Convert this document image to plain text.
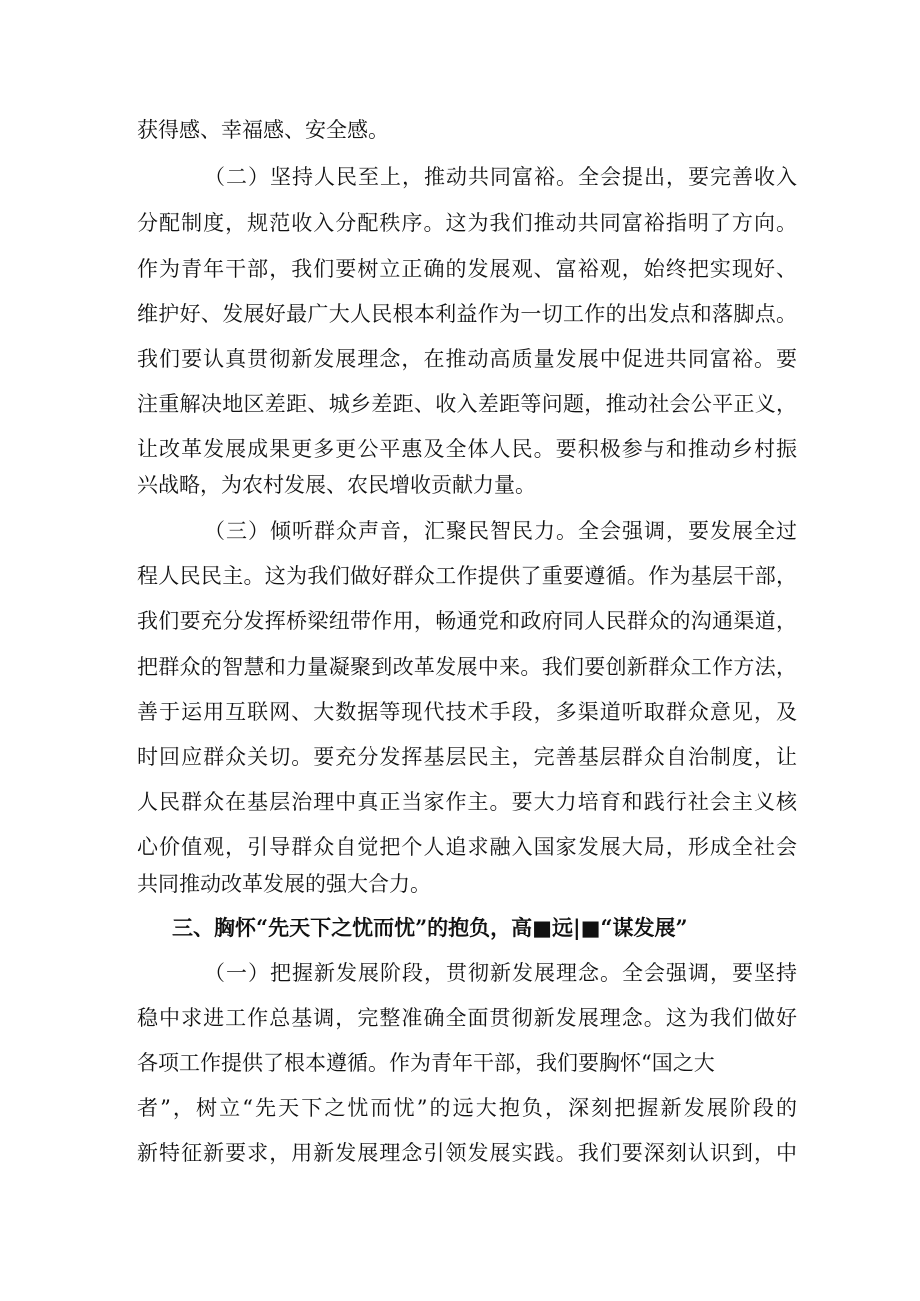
获得感、幸福感、安全感。
（二）坚持人民至上，推动共同富裕。全会提出，要完善收入
分配制度，规范收入分配秩序。这为我们推动共同富裕指明了方向。
作为青年干部，我们要树立正确的发展观、富裕观，始终把实现好、
维护好、发展好最广大人民根本利益作为一切工作的出发点和落脚点。
我们要认真贯彻新发展理念，在推动高质量发展中促进共同富裕。要
注重解决地区差距、城乡差距、收入差距等问题，推动社会公平正义，
让改革发展成果更多更公平惠及全体人民。要积极参与和推动乡村振
兴战略，为农村发展、农民增收贡献力量。
（三）倾听群众声音，汇聚民智民力。全会强调，要发展全过
程人民民主。这为我们做好群众工作提供了重要遵循。作为基层干部，
我们要充分发挥桥梁纽带作用，畅通党和政府同人民群众的沟通渠道，
把群众的智慧和力量凝聚到改革发展中来。我们要创新群众工作方法，
善于运用互联网、大数据等现代技术手段，多渠道听取群众意见，及
时回应群众关切。要充分发挥基层民主，完善基层群众自治制度，让
人民群众在基层治理中真正当家作主。要大力培育和践行社会主义核
心价值观，引导群众自觉把个人追求融入国家发展大局，形成全社会
共同推动改革发展的强大合力。
三、胸怀“先天下之忧而忧”的抱负，高■远|■“谋发展”
（一）把握新发展阶段，贯彻新发展理念。全会强调，要坚持
稳中求进工作总基调，完整准确全面贯彻新发展理念。这为我们做好
各项工作提供了根本遵循。作为青年干部，我们要胸怀“国之大
者”，树立“先天下之忧而忧”的远大抱负，深刻把握新发展阶段的
新特征新要求，用新发展理念引领发展实践。我们要深刻认识到，中
